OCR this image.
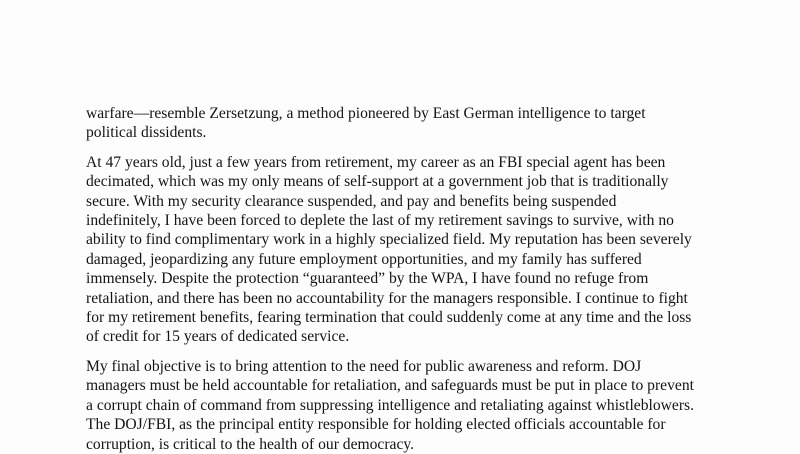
warfare—resemble Zersetzung, a method pioneered by East German intelligence to target
political dissidents.

At 47 years old, just a few years from retirement, my career as an FBI special agent has been
decimated, which was my only means of self-support at a government job that is traditionally
secure. With my security clearance suspended, and pay and benefits being suspended
indefinitely, I have been forced to deplete the last of my retirement savings to survive, with no
ability to find complimentary work in a highly specialized field. My reputation has been severely
damaged, jeopardizing any future employment opportunities, and my family has suffered
immensely. Despite the protection “guaranteed” by the WPA, I have found no refuge from
retaliation, and there has been no accountability for the managers responsible. I continue to fight
for my retirement benefits, fearing termination that could suddenly come at any time and the loss
of credit for 15 years of dedicated service.

My final objective is to bring attention to the need for public awareness and reform. DOJ
managers must be held accountable for retaliation, and safeguards must be put in place to prevent
a corrupt chain of command from suppressing intelligence and retaliating against whistleblowers.
The DOJ/FBI, as the principal entity responsible for holding elected officials accountable for
corruption, is critical to the health of our democracy.
